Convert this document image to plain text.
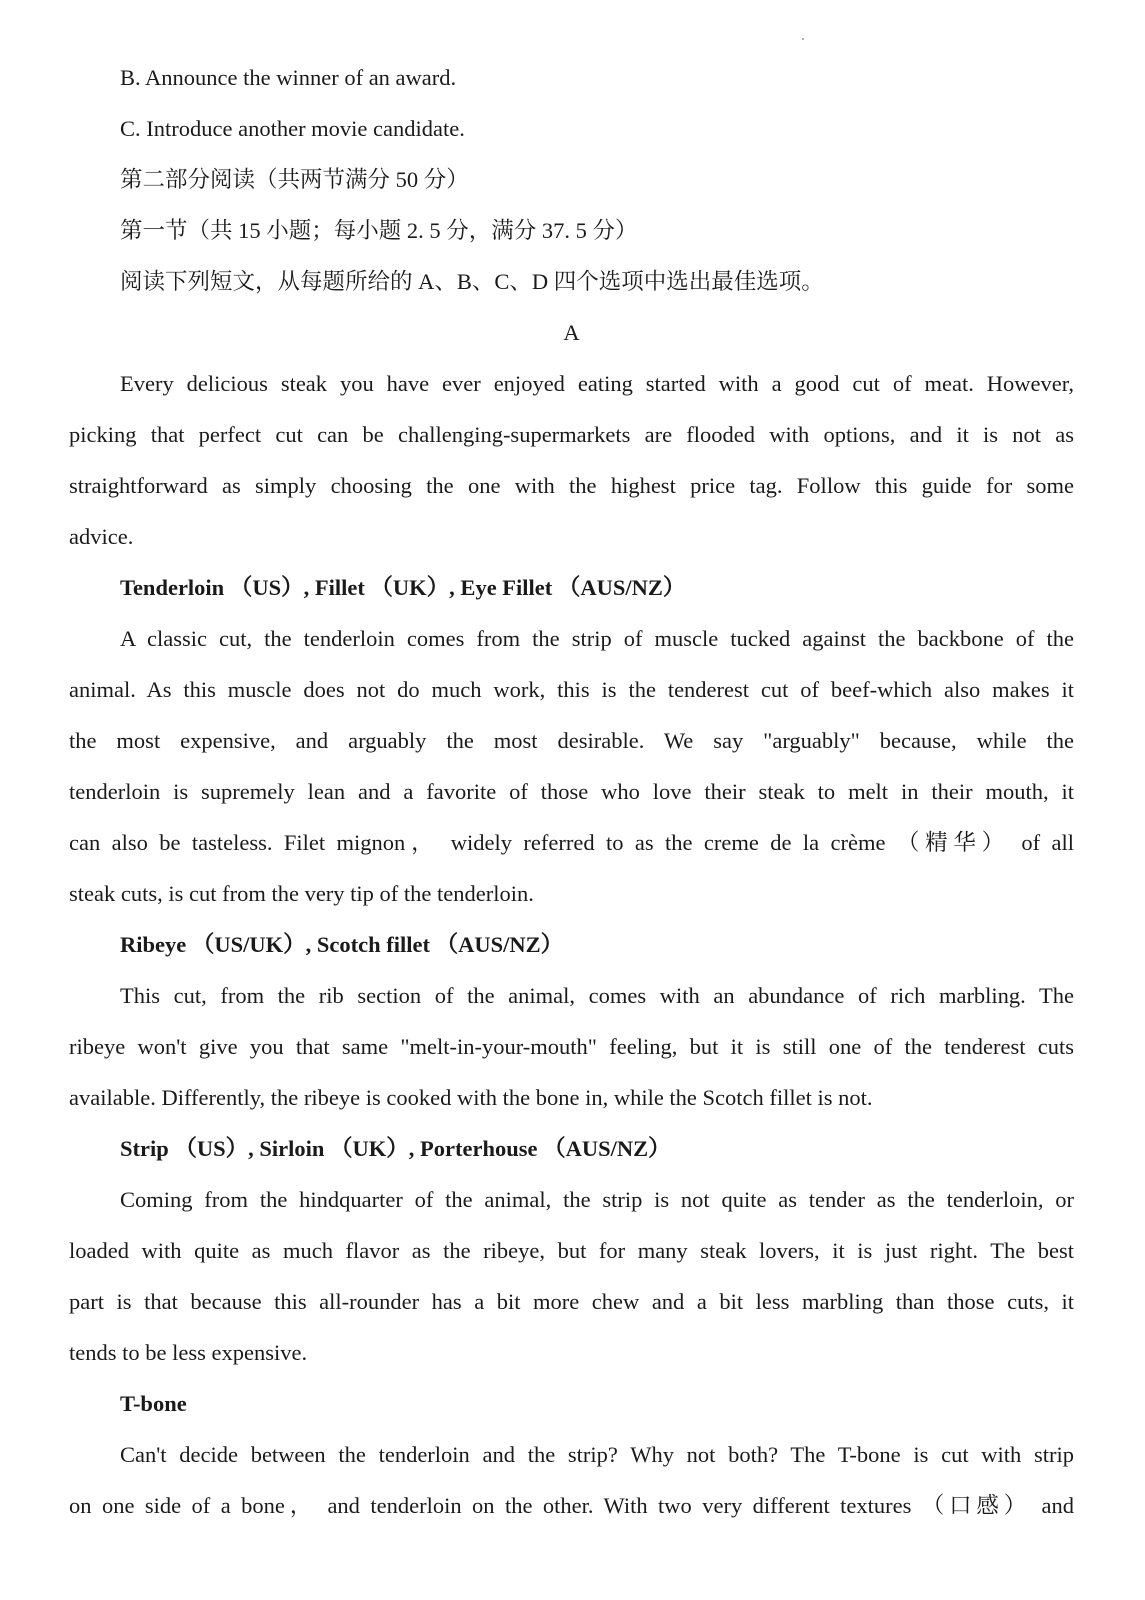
B. Announce the winner of an award.
C. Introduce another movie candidate.
第二部分阅读（共两节满分 50 分）
第一节（共 15 小题；每小题 2. 5 分，满分 37. 5 分）
阅读下列短文，从每题所给的 A、B、C、D 四个选项中选出最佳选项。
A
Every delicious steak you have ever enjoyed eating started with a good cut of meat. However,
picking that perfect cut can be challenging-supermarkets are flooded with options, and it is not as
straightforward as simply choosing the one with the highest price tag. Follow this guide for some
advice.
Tenderloin （US）, Fillet （UK）, Eye Fillet （AUS/NZ）
A classic cut, the tenderloin comes from the strip of muscle tucked against the backbone of the
animal. As this muscle does not do much work, this is the tenderest cut of beef-which also makes it
the most expensive, and arguably the most desirable. We say "arguably" because, while the
tenderloin is supremely lean and a favorite of those who love their steak to melt in their mouth, it
can also be tasteless. Filet mignon， widely referred to as the creme de la crème （精华） of all
steak cuts, is cut from the very tip of the tenderloin.
Ribeye （US/UK）, Scotch fillet （AUS/NZ）
This cut, from the rib section of the animal, comes with an abundance of rich marbling. The
ribeye won't give you that same "melt-in-your-mouth" feeling, but it is still one of the tenderest cuts
available. Differently, the ribeye is cooked with the bone in, while the Scotch fillet is not.
Strip （US）, Sirloin （UK）, Porterhouse （AUS/NZ）
Coming from the hindquarter of the animal, the strip is not quite as tender as the tenderloin, or
loaded with quite as much flavor as the ribeye, but for many steak lovers, it is just right. The best
part is that because this all-rounder has a bit more chew and a bit less marbling than those cuts, it
tends to be less expensive.
T-bone
Can't decide between the tenderloin and the strip? Why not both? The T-bone is cut with strip
on one side of a bone， and tenderloin on the other. With two very different textures （口感） and
